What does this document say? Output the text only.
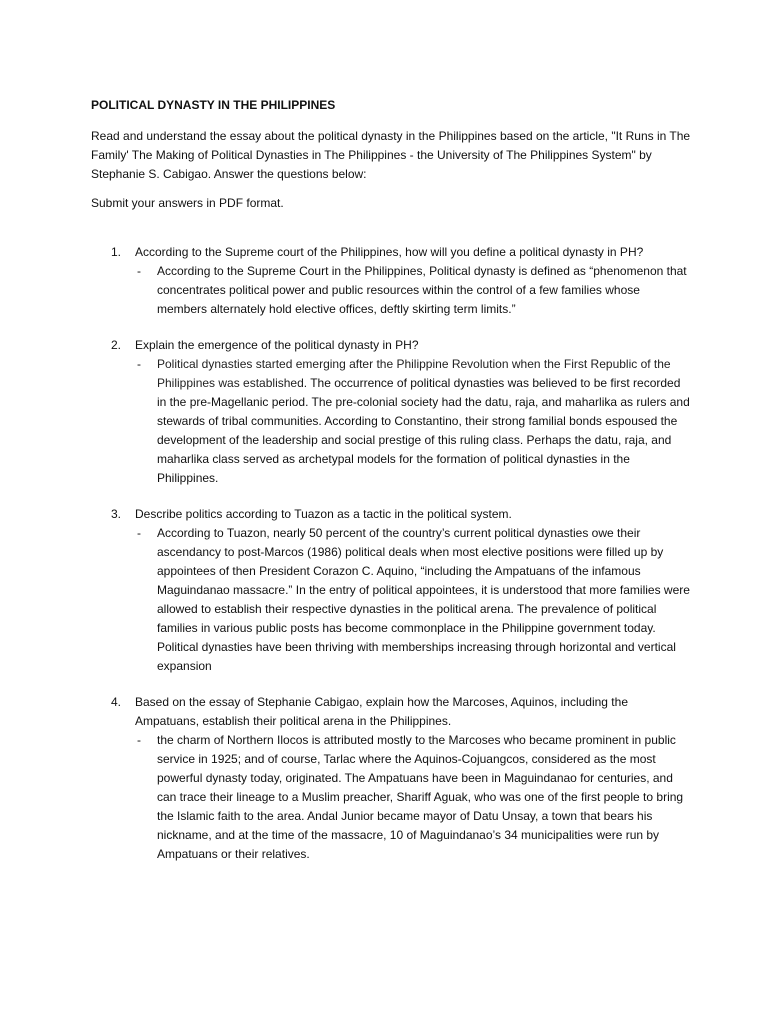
POLITICAL DYNASTY IN THE PHILIPPINES

Read and understand the essay about the political dynasty in the Philippines based on the article, "It Runs in The Family' The Making of Political Dynasties in The Philippines - the University of The Philippines System" by Stephanie S. Cabigao. Answer the questions below:

Submit your answers in PDF format.

1. According to the Supreme court of the Philippines, how will you define a political dynasty in PH?
- According to the Supreme Court in the Philippines, Political dynasty is defined as “phenomenon that concentrates political power and public resources within the control of a few families whose members alternately hold elective offices, deftly skirting term limits.”
2. Explain the emergence of the political dynasty in PH?
- Political dynasties started emerging after the Philippine Revolution when the First Republic of the Philippines was established. The occurrence of political dynasties was believed to be first recorded in the pre-Magellanic period. The pre-colonial society had the datu, raja, and maharlika as rulers and stewards of tribal communities. According to Constantino, their strong familial bonds espoused the development of the leadership and social prestige of this ruling class. Perhaps the datu, raja, and maharlika class served as archetypal models for the formation of political dynasties in the Philippines.
3. Describe politics according to Tuazon as a tactic in the political system.
- According to Tuazon, nearly 50 percent of the country’s current political dynasties owe their ascendancy to post-Marcos (1986) political deals when most elective positions were filled up by appointees of then President Corazon C. Aquino, “including the Ampatuans of the infamous Maguindanao massacre.” In the entry of political appointees, it is understood that more families were allowed to establish their respective dynasties in the political arena. The prevalence of political families in various public posts has become commonplace in the Philippine government today. Political dynasties have been thriving with memberships increasing through horizontal and vertical expansion
4. Based on the essay of Stephanie Cabigao, explain how the Marcoses, Aquinos, including the Ampatuans, establish their political arena in the Philippines.
- the charm of Northern Ilocos is attributed mostly to the Marcoses who became prominent in public service in 1925; and of course, Tarlac where the Aquinos-Cojuangcos, considered as the most powerful dynasty today, originated. The Ampatuans have been in Maguindanao for centuries, and can trace their lineage to a Muslim preacher, Shariff Aguak, who was one of the first people to bring the Islamic faith to the area. Andal Junior became mayor of Datu Unsay, a town that bears his nickname, and at the time of the massacre, 10 of Maguindanao’s 34 municipalities were run by Ampatuans or their relatives.
